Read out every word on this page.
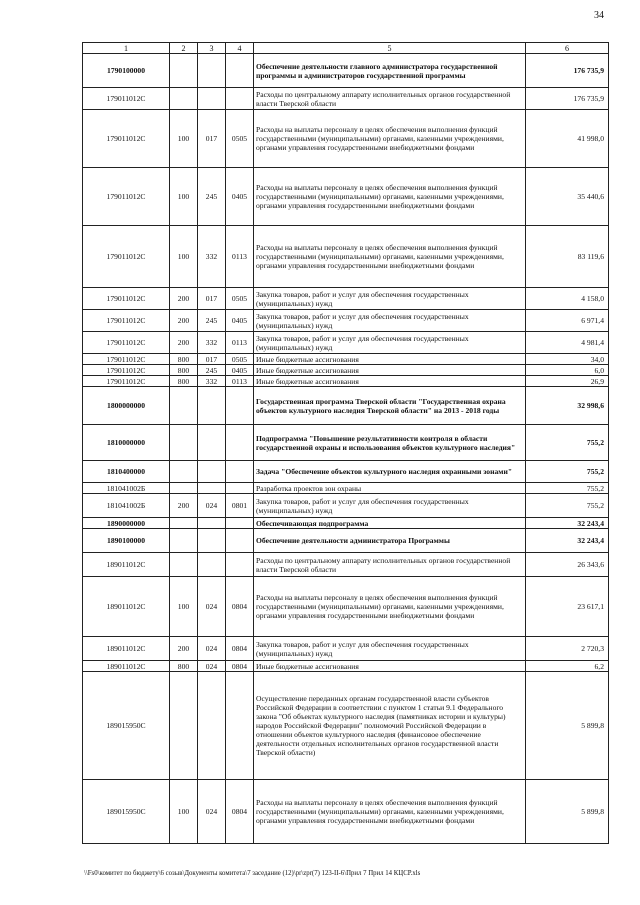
34
1	2	3	4	5	6
1790100000				Обеспечение деятельности главного администратора государственной программы и администраторов государственной программы	176 735,9
179011012С				Расходы по центральному аппарату исполнительных органов государственной власти Тверской области	176 735,9
179011012С	100	017	0505	Расходы на выплаты персоналу в целях обеспечения выполнения функций государственными (муниципальными) органами, казенными учреждениями, органами управления государственными внебюджетными фондами	41 998,0
179011012С	100	245	0405	Расходы на выплаты персоналу в целях обеспечения выполнения функций государственными (муниципальными) органами, казенными учреждениями, органами управления государственными внебюджетными фондами	35 440,6
179011012С	100	332	0113	Расходы на выплаты персоналу в целях обеспечения выполнения функций государственными (муниципальными) органами, казенными учреждениями, органами управления государственными внебюджетными фондами	83 119,6
179011012С	200	017	0505	Закупка товаров, работ и услуг для обеспечения государственных (муниципальных) нужд	4 158,0
179011012С	200	245	0405	Закупка товаров, работ и услуг для обеспечения государственных (муниципальных) нужд	6 971,4
179011012С	200	332	0113	Закупка товаров, работ и услуг для обеспечения государственных (муниципальных) нужд	4 981,4
179011012С	800	017	0505	Иные бюджетные ассигнования	34,0
179011012С	800	245	0405	Иные бюджетные ассигнования	6,0
179011012С	800	332	0113	Иные бюджетные ассигнования	26,9
1800000000				Государственная программа Тверской области "Государственная охрана объектов культурного наследия Тверской области" на 2013 - 2018 годы	32 998,6
1810000000				Подпрограмма "Повышение результативности контроля в области государственной охраны и использования объектов культурного наследия"	755,2
1810400000				Задача "Обеспечение объектов культурного наследия охранными зонами"	755,2
181041002Б				Разработка проектов зон охраны	755,2
181041002Б	200	024	0801	Закупка товаров, работ и услуг для обеспечения государственных (муниципальных) нужд	755,2
1890000000				Обеспечивающая подпрограмма	32 243,4
1890100000				Обеспечение деятельности администратора Программы	32 243,4
189011012С				Расходы по центральному аппарату исполнительных органов государственной власти Тверской области	26 343,6
189011012С	100	024	0804	Расходы на выплаты персоналу в целях обеспечения выполнения функций государственными (муниципальными) органами, казенными учреждениями, органами управления государственными внебюджетными фондами	23 617,1
189011012С	200	024	0804	Закупка товаров, работ и услуг для обеспечения государственных (муниципальных) нужд	2 720,3
189011012С	800	024	0804	Иные бюджетные ассигнования	6,2
189015950С				Осуществление переданных органам государственной власти субъектов Российской Федерации в соответствии с пунктом 1 статьи 9.1 Федерального закона "Об объектах культурного наследия (памятниках истории и культуры) народов Российской Федерации" полномочий Российской Федерации в отношении объектов культурного наследия (финансовое обеспечение деятельности отдельных исполнительных органов государственной власти Тверской области)	5 899,8
189015950С	100	024	0804	Расходы на выплаты персоналу в целях обеспечения выполнения функций государственными (муниципальными) органами, казенными учреждениями, органами управления государственными внебюджетными фондами	5 899,8
\\Fs0\комитет по бюджету\6 созыв\Документы комитета\7 заседание (12)\pr\zpr(7) 123-II-6\Прил 7 Прил 14 КЦСР.xls
